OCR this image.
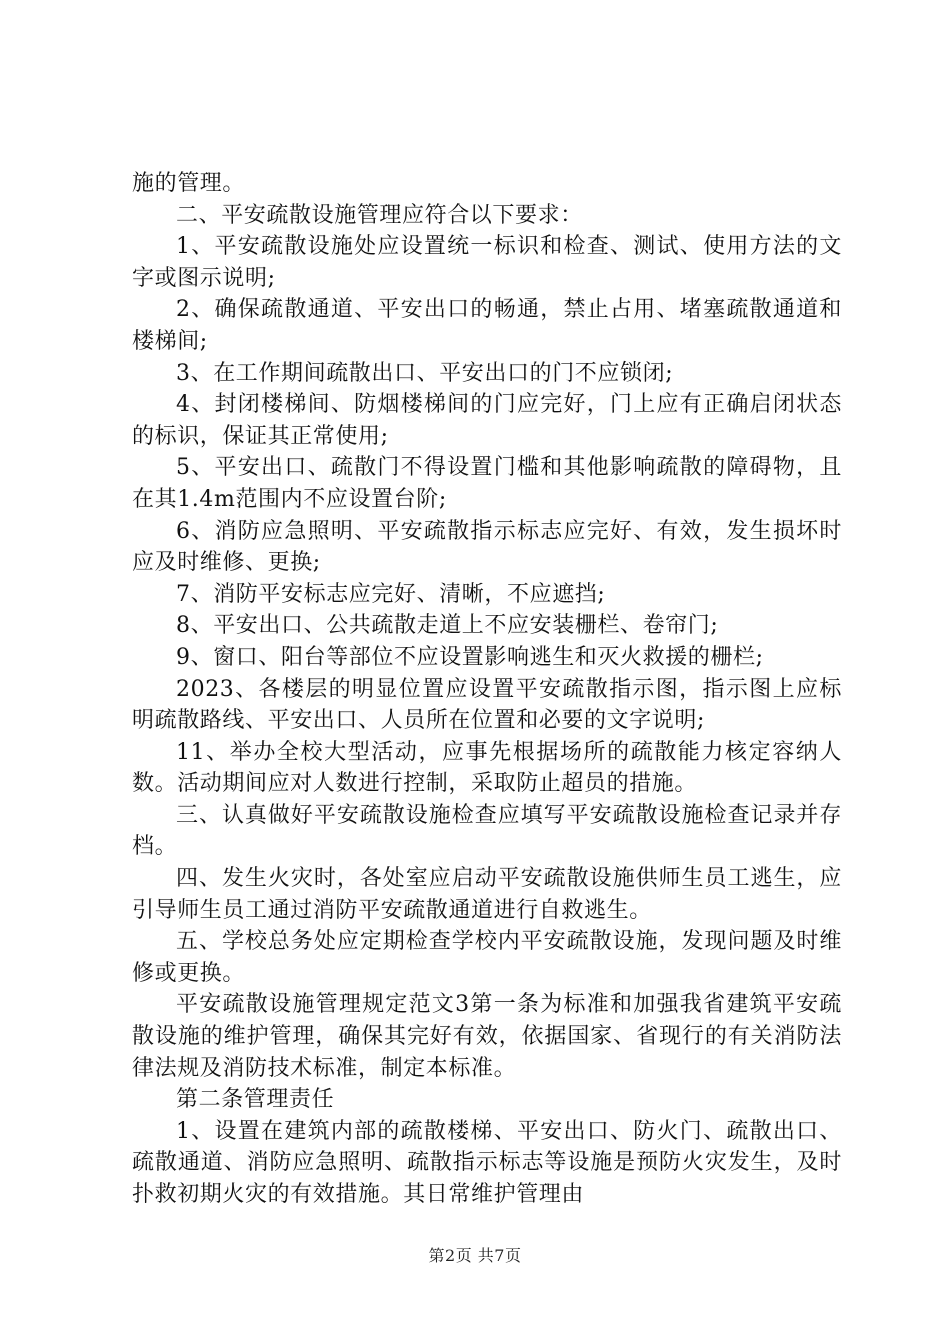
施的管理。

二、平安疏散设施管理应符合以下要求：

1、平安疏散设施处应设置统一标识和检查、测试、使用方法的文字或图示说明;

2、确保疏散通道、平安出口的畅通，禁止占用、堵塞疏散通道和楼梯间;

3、在工作期间疏散出口、平安出口的门不应锁闭;

4、封闭楼梯间、防烟楼梯间的门应完好，门上应有正确启闭状态的标识，保证其正常使用;

5、平安出口、疏散门不得设置门槛和其他影响疏散的障碍物，且在其1.4m范围内不应设置台阶;

6、消防应急照明、平安疏散指示标志应完好、有效，发生损坏时应及时维修、更换;

7、消防平安标志应完好、清晰，不应遮挡;

8、平安出口、公共疏散走道上不应安装栅栏、卷帘门;

9、窗口、阳台等部位不应设置影响逃生和灭火救援的栅栏;

2023、各楼层的明显位置应设置平安疏散指示图，指示图上应标明疏散路线、平安出口、人员所在位置和必要的文字说明;

11、举办全校大型活动，应事先根据场所的疏散能力核定容纳人数。活动期间应对人数进行控制，采取防止超员的措施。

三、认真做好平安疏散设施检查应填写平安疏散设施检查记录并存档。

四、发生火灾时，各处室应启动平安疏散设施供师生员工逃生，应引导师生员工通过消防平安疏散通道进行自救逃生。

五、学校总务处应定期检查学校内平安疏散设施，发现问题及时维修或更换。

平安疏散设施管理规定范文3第一条为标准和加强我省建筑平安疏散设施的维护管理，确保其完好有效，依据国家、省现行的有关消防法律法规及消防技术标准，制定本标准。

第二条管理责任

1、设置在建筑内部的疏散楼梯、平安出口、防火门、疏散出口、疏散通道、消防应急照明、疏散指示标志等设施是预防火灾发生，及时扑救初期火灾的有效措施。其日常维护管理由

第2页 共7页
